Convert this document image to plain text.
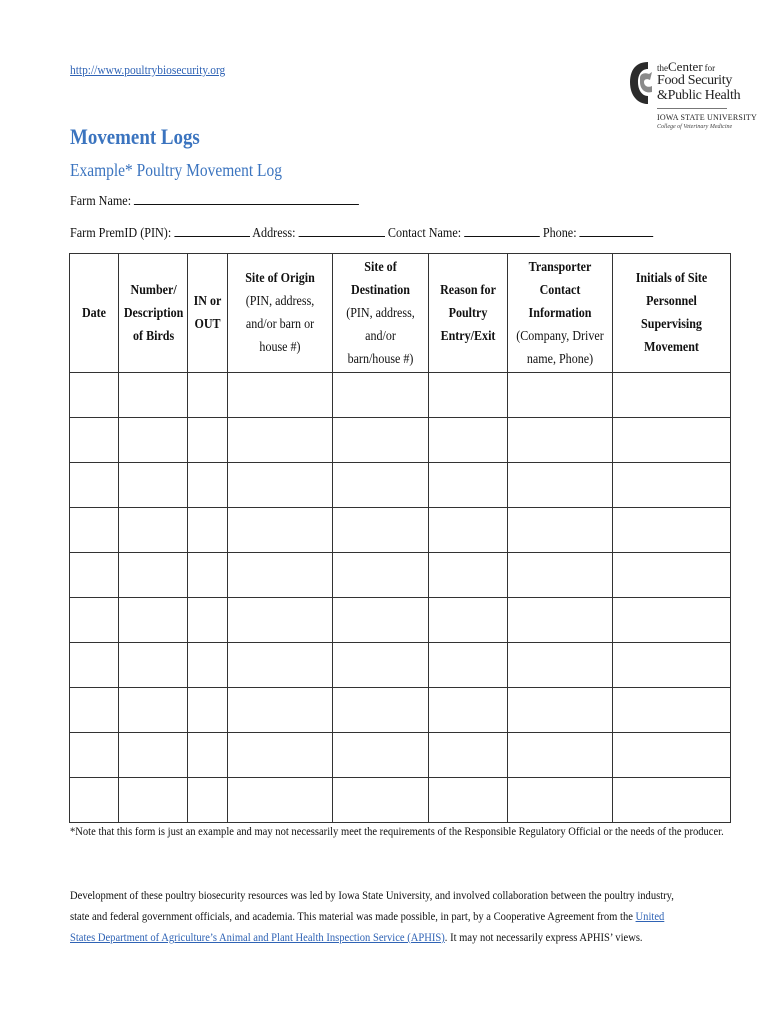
http://www.poultrybiosecurity.org	theCenter for
Food Security
&Public Health
IOWA STATE UNIVERSITY
College of Veterinary Medicine
Movement Logs
Example* Poultry Movement Log
Farm Name:
Farm PremID (PIN):	Address:	Contact Name:	Phone:
Date	Number/ Description of Birds	IN or OUT	Site of Origin (PIN, address, and/or barn or house #)	Site of Destination (PIN, address, and/or barn/house #)	Reason for Poultry Entry/Exit	Transporter Contact Information (Company, Driver name, Phone)	Initials of Site Personnel Supervising Movement

*Note that this form is just an example and may not necessarily meet the requirements of the Responsible Regulatory Official or the needs of the producer.
Development of these poultry biosecurity resources was led by Iowa State University, and involved collaboration between the poultry industry, state and federal government officials, and academia. This material was made possible, in part, by a Cooperative Agreement from the United States Department of Agriculture’s Animal and Plant Health Inspection Service (APHIS). It may not necessarily express APHIS’ views.
